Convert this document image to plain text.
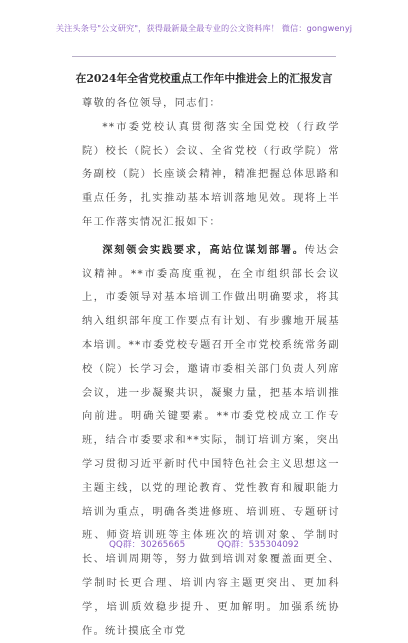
关注头条号"公文研究"，获得最新最全最专业的公文资料库！ 微信：gongwenyj
在2024年全省党校重点工作年中推进会上的汇报发言

尊敬的各位领导，同志们：

**市委党校认真贯彻落实全国党校（行政学院）校长（院长）会议、全省党校（行政学院）常务副校（院）长座谈会精神，精准把握总体思路和重点任务，扎实推动基本培训落地见效。现将上半年工作落实情况汇报如下：

深刻领会实践要求，高站位谋划部署。传达会议精神。**市委高度重视，在全市组织部长会议上，市委领导对基本培训工作做出明确要求，将其纳入组织部年度工作要点有计划、有步骤地开展基本培训。**市委党校专题召开全市党校系统常务副校（院）长学习会，邀请市委相关部门负责人列席会议，进一步凝聚共识，凝聚力量，把基本培训推向前进。明确关键要素。**市委党校成立工作专班，结合市委要求和**实际，制订培训方案，突出学习贯彻习近平新时代中国特色社会主义思想这一主题主线，以党的理论教育、党性教育和履职能力培训为重点，明确各类进修班、培训班、专题研讨班、师资培训班等主体班次的培训对象、学制时长、培训周期等，努力做到培训对象覆盖面更全、学制时长更合理、培训内容主题更突出、更加科学，培训质效稳步提升、更加解明。加强系统协作。统计摸底全市党

QQ群：30265665	QQ群：535304092
